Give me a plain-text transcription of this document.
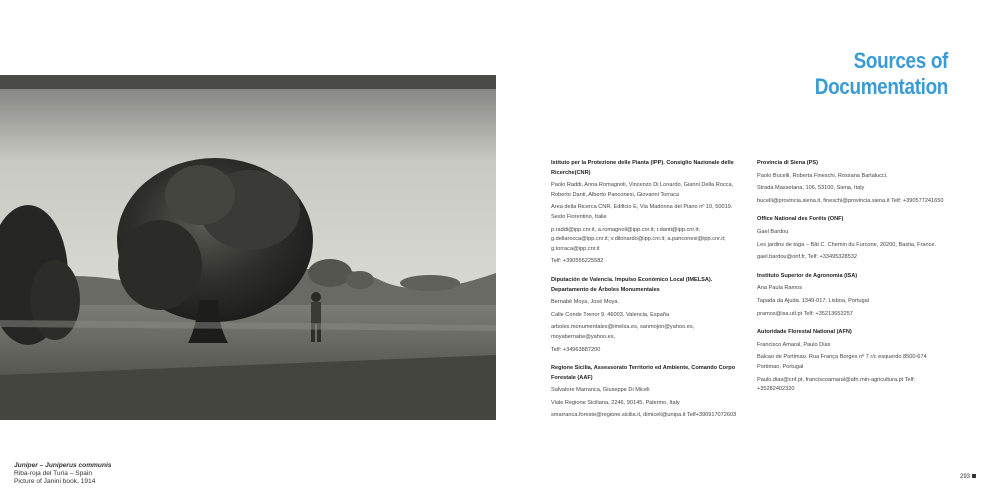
Sources of Documentation
Juniper – Juniperus communis
Riba-roja del Turia – Spain
Picture of Janini book, 1914
Istituto per la Protezione delle Pianta (IPP). Consiglio Nazionale delle Ricerche(CNR)
Paolo Raddi, Anna Romagnoli, Vincenzo Di Lonardo, Gianni Della Rocca, Roberto Danti, Alberto Panconesi, Giovanni Torraca
Area della Ricerca CNR, Edificio E, Via Madonna del Piano nº 10, 50019. Sesto Fiorentino, Italie
p.raddi@ipp.cnr.it, a.romagnoli@ipp.cnr.it; r.danti@ipp.cnr.it; g.dellarocca@ipp.cnr.it; v.dilonardo@ipp.cnr.it; a.panconesi@ipp.cnr.it; g.torraca@ipp.cnr.it
Telf: +390555225582
Diputación de Valencia. Impulso Económico Local (IMELSA). Departamento de Árboles Monumentales
Bernabé Moya, José Moya.
Calle Conde Trenor 9. 46003. Valencia, España
arboles.monumentales@imelsa.es, sanmojon@yahoo.es, moyabernabe@yahoo.es,
Telf: +34963887200
Regione Sicilia, Assessorato Territorio ed Ambiente, Comando Corpo Forestale (AAF)
Salvatore Marranca, Giuseppe Di Miceli
Viale Regione Siciliana, 2246, 90145, Palermo, Italy
smarranca.foreste@regione.sicilia.it, dimiceli@unipa.it Telf+390917072603
Provincia di Siena (PS)
Paolo Bucelli, Roberta Fineschi, Rossana Bartalucci.
Strada Massetana, 106, 53100, Siena, Italy
bucelli@provincia.siena.it, fineschi@provincia.siena.it Telf: +390577241650
Office National des Forêts (ONF)
Gael Bardou
Les jardins de toga – Bât C. Chemin du Furcone, 20200, Bastia, France.
gael.bardou@onf.fr, Telf: +33495328532
Instituto Superior de Agronomia (ISA)
Ana Paula Ramos
Tapada da Ajuda. 1349-017. Lisboa, Portugal
pramos@isa.utl.pt Telf: +35213653257
Autoridade Florestal National (AFN)
Francisco Amaral, Paulo Dias
Balcao de Portimao. Rua França Borges nº 7 r/c esquerdo 8500-674 Portimao, Portugal
Paulo.dias@cnf.pt, franciscoamaral@afn.min-agricultura.pt Telf: +35282402320
293
